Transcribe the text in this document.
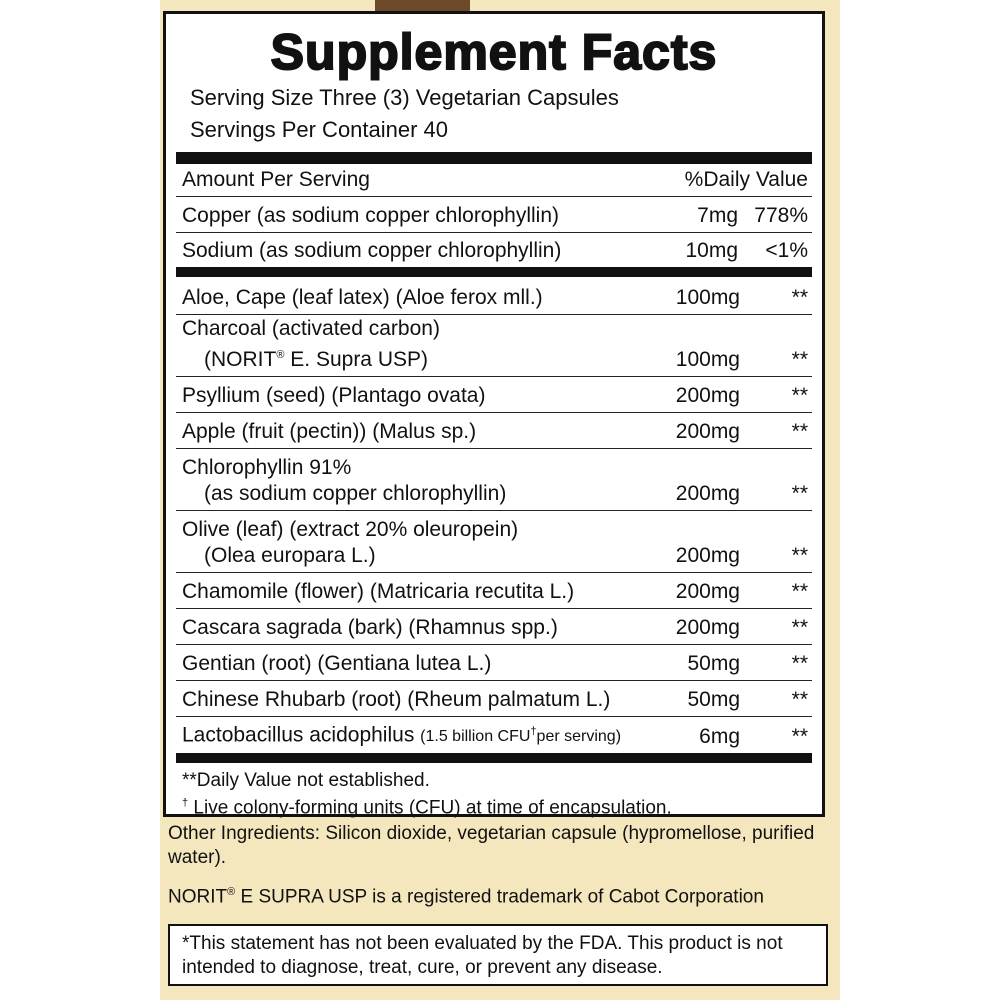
Supplement Facts
Serving Size Three (3) Vegetarian Capsules
Servings Per Container 40
Amount Per Serving	%Daily Value
Copper (as sodium copper chlorophyllin)	7mg 778%
Sodium (as sodium copper chlorophyllin)	10mg	<1%
Aloe, Cape (leaf latex) (Aloe ferox mll.)	100mg	**
Charcoal (activated carbon)
(NORIT® E. Supra USP)	100mg	**
Psyllium (seed) (Plantago ovata)	200mg	**
Apple (fruit (pectin)) (Malus sp.)	200mg	**
Chlorophyllin 91%
(as sodium copper chlorophyllin)	200mg	**
Olive (leaf) (extract 20% oleuropein)
(Olea europara L.)	200mg	**
Chamomile (flower) (Matricaria recutita L.)	200mg	**
Cascara sagrada (bark) (Rhamnus spp.)	200mg	**
Gentian (root) (Gentiana lutea L.)	50mg	**
Chinese Rhubarb (root) (Rheum palmatum L.)	50mg	**
Lactobacillus acidophilus (1.5 billion CFU†per serving)	6mg	**
**Daily Value not established.
† Live colony-forming units (CFU) at time of encapsulation.
Other Ingredients: Silicon dioxide, vegetarian capsule (hypromellose, purified water).
NORIT® E SUPRA USP is a registered trademark of Cabot Corporation
*This statement has not been evaluated by the FDA. This product is not intended to diagnose, treat, cure, or prevent any disease.
